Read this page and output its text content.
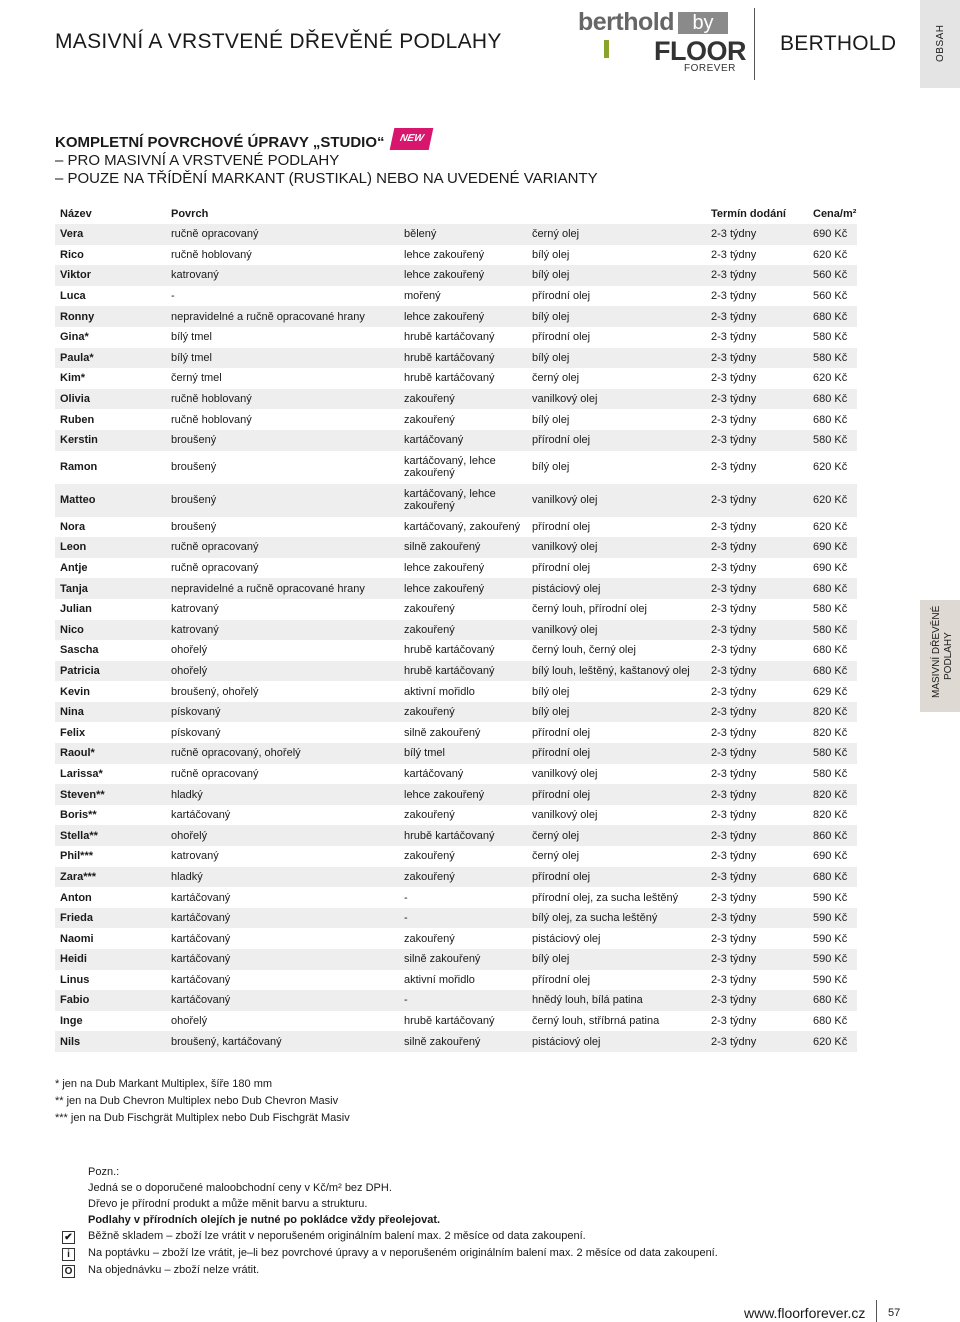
MASIVNÍ A VRSTVENÉ DŘEVĚNÉ PODLAHY
berthold by
FLOOR
FOREVER
BERTHOLD	OBSAH
MASIVNÍ DŘEVĚNÉ PODLAHY
KOMPLETNÍ POVRCHOVÉ ÚPRAVY „STUDIO“ NEW
– PRO MASIVNÍ A VRSTVENÉ PODLAHY
– POUZE NA TŘÍDĚNÍ MARKANT (RUSTIKAL) NEBO NA UVEDENÉ VARIANTY
Název	Povrch			Termín dodání	Cena/m²
Vera	ručně opracovaný	bělený	černý olej	2-3 týdny	690 Kč
Rico	ručně hoblovaný	lehce zakouřený	bílý olej	2-3 týdny	620 Kč
Viktor	katrovaný	lehce zakouřený	bílý olej	2-3 týdny	560 Kč
Luca	-	mořený	přírodní olej	2-3 týdny	560 Kč
Ronny	nepravidelné a ručně opracované hrany	lehce zakouřený	bílý olej	2-3 týdny	680 Kč
Gina*	bílý tmel	hrubě kartáčovaný	přírodní olej	2-3 týdny	580 Kč
Paula*	bílý tmel	hrubě kartáčovaný	bílý olej	2-3 týdny	580 Kč
Kim*	černý tmel	hrubě kartáčovaný	černý olej	2-3 týdny	620 Kč
Olivia	ručně hoblovaný	zakouřený	vanilkový olej	2-3 týdny	680 Kč
Ruben	ručně hoblovaný	zakouřený	bílý olej	2-3 týdny	680 Kč
Kerstin	broušený	kartáčovaný	přírodní olej	2-3 týdny	580 Kč
Ramon	broušený	kartáčovaný, lehce zakouřený	bílý olej	2-3 týdny	620 Kč
Matteo	broušený	kartáčovaný, lehce zakouřený	vanilkový olej	2-3 týdny	620 Kč
Nora	broušený	kartáčovaný, zakouřený	přírodní olej	2-3 týdny	620 Kč
Leon	ručně opracovaný	silně zakouřený	vanilkový olej	2-3 týdny	690 Kč
Antje	ručně opracovaný	lehce zakouřený	přírodní olej	2-3 týdny	690 Kč
Tanja	nepravidelné a ručně opracované hrany	lehce zakouřený	pistáciový olej	2-3 týdny	680 Kč
Julian	katrovaný	zakouřený	černý louh, přírodní olej	2-3 týdny	580 Kč
Nico	katrovaný	zakouřený	vanilkový olej	2-3 týdny	580 Kč
Sascha	ohořelý	hrubě kartáčovaný	černý louh, černý olej	2-3 týdny	680 Kč
Patricia	ohořelý	hrubě kartáčovaný	bílý louh, leštěný, kaštanový olej	2-3 týdny	680 Kč
Kevin	broušený, ohořelý	aktivní mořidlo	bílý olej	2-3 týdny	629 Kč
Nina	pískovaný	zakouřený	bílý olej	2-3 týdny	820 Kč
Felix	pískovaný	silně zakouřený	přírodní olej	2-3 týdny	820 Kč
Raoul*	ručně opracovaný, ohořelý	bílý tmel	přírodní olej	2-3 týdny	580 Kč
Larissa*	ručně opracovaný	kartáčovaný	vanilkový olej	2-3 týdny	580 Kč
Steven**	hladký	lehce zakouřený	přírodní olej	2-3 týdny	820 Kč
Boris**	kartáčovaný	zakouřený	vanilkový olej	2-3 týdny	820 Kč
Stella**	ohořelý	hrubě kartáčovaný	černý olej	2-3 týdny	860 Kč
Phil***	katrovaný	zakouřený	černý olej	2-3 týdny	690 Kč
Zara***	hladký	zakouřený	přírodní olej	2-3 týdny	680 Kč
Anton	kartáčovaný	-	přírodní olej, za sucha leštěný	2-3 týdny	590 Kč
Frieda	kartáčovaný	-	bílý olej, za sucha leštěný	2-3 týdny	590 Kč
Naomi	kartáčovaný	zakouřený	pistáciový olej	2-3 týdny	590 Kč
Heidi	kartáčovaný	silně zakouřený	bílý olej	2-3 týdny	590 Kč
Linus	kartáčovaný	aktivní mořidlo	přírodní olej	2-3 týdny	590 Kč
Fabio	kartáčovaný	-	hnědý louh, bílá patina	2-3 týdny	680 Kč
Inge	ohořelý	hrubě kartáčovaný	černý louh, stříbrná patina	2-3 týdny	680 Kč
Nils	broušený, kartáčovaný	silně zakouřený	pistáciový olej	2-3 týdny	620 Kč
* jen na Dub Markant Multiplex, šíře 180 mm
** jen na Dub Chevron Multiplex nebo Dub Chevron Masiv
*** jen na Dub Fischgrät Multiplex nebo Dub Fischgrät Masiv
Pozn.:
Jedná se o doporučené maloobchodní ceny v Kč/m² bez DPH.
Dřevo je přírodní produkt a může měnit barvu a strukturu.
Podlahy v přírodních olejích je nutné po pokládce vždy přeolejovat.
✔ Běžně skladem – zboží lze vrátit v neporušeném originálním balení max. 2 měsíce od data zakoupení.
i	Na poptávku – zboží lze vrátit, je–li bez povrchové úpravy a v neporušeném originálním balení max. 2 měsíce od data zakoupení.
O Na objednávku – zboží nelze vrátit.
www.floorforever.cz 57
